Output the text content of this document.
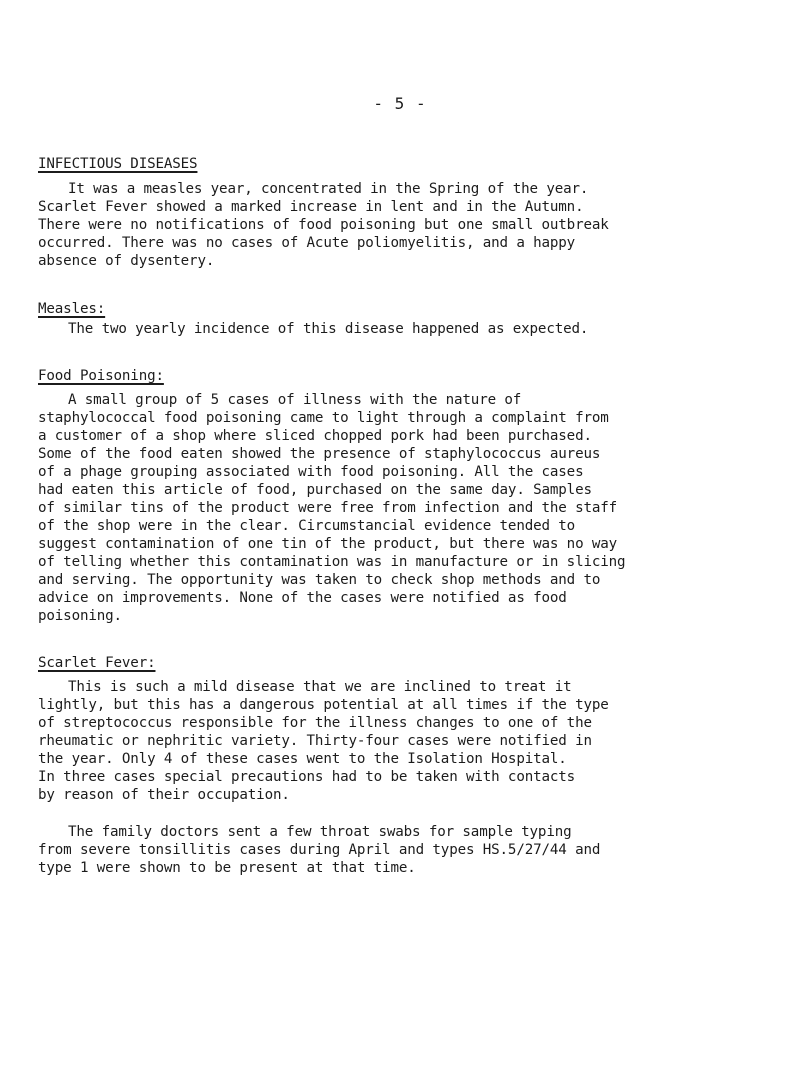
- 5 -
INFECTIOUS DISEASES
It was a measles year, concentrated in the Spring of the year.
Scarlet Fever showed a marked increase in lent and in the Autumn.
There were no notifications of food poisoning but one small outbreak
occurred. There was no cases of Acute poliomyelitis, and a happy
absence of dysentery.
Measles:
The two yearly incidence of this disease happened as expected.
Food Poisoning:
A small group of 5 cases of illness with the nature of
staphylococcal food poisoning came to light through a complaint from
a customer of a shop where sliced chopped pork had been purchased.
Some of the food eaten showed the presence of staphylococcus aureus
of a phage grouping associated with food poisoning. All the cases
had eaten this article of food, purchased on the same day. Samples
of similar tins of the product were free from infection and the staff
of the shop were in the clear. Circumstancial evidence tended to
suggest contamination of one tin of the product, but there was no way
of telling whether this contamination was in manufacture or in slicing
and serving. The opportunity was taken to check shop methods and to
advice on improvements. None of the cases were notified as food
poisoning.
Scarlet Fever:
This is such a mild disease that we are inclined to treat it
lightly, but this has a dangerous potential at all times if the type
of streptococcus responsible for the illness changes to one of the
rheumatic or nephritic variety. Thirty-four cases were notified in
the year. Only 4 of these cases went to the Isolation Hospital.
In three cases special precautions had to be taken with contacts
by reason of their occupation.
The family doctors sent a few throat swabs for sample typing
from severe tonsillitis cases during April and types HS.5/27/44 and
type 1 were shown to be present at that time.
